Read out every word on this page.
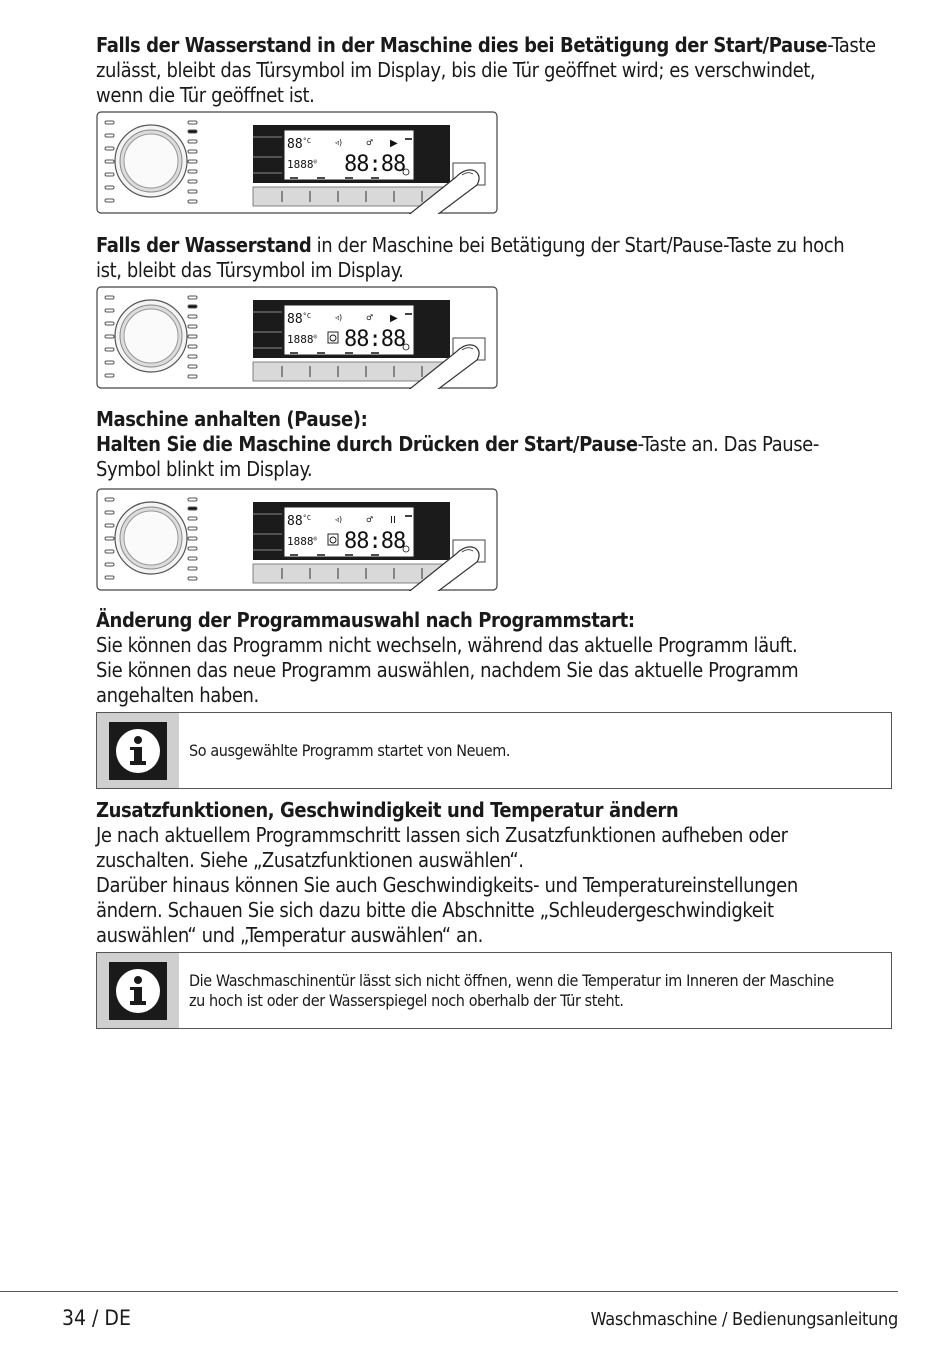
Falls der Wasserstand in der Maschine dies bei Betätigung der Start/Pause-Taste

zulässt, bleibt das Türsymbol im Display, bis die Tür geöffnet wird; es verschwindet,

wenn die Tür geöffnet ist.

$88^{^\circ C}$	◃)	♂ ▶
1888® 88:88

Falls der Wasserstand in der Maschine bei Betätigung der Start/Pause-Taste zu hoch

ist, bleibt das Türsymbol im Display.

$88^{^\circ C}$	◃)	♂ ▶
1888® 88:88

Maschine anhalten (Pause):

Halten Sie die Maschine durch Drücken der Start/Pause-Taste an. Das Pause-

Symbol blinkt im Display.

$88^{^\circ C}$	◃)	♂ II
1888® 88:88

Änderung der Programmauswahl nach Programmstart:

Sie können das Programm nicht wechseln, während das aktuelle Programm läuft.

Sie können das neue Programm auswählen, nachdem Sie das aktuelle Programm

angehalten haben.

So ausgewählte Programm startet von Neuem.

Zusatzfunktionen, Geschwindigkeit und Temperatur ändern

Je nach aktuellem Programmschritt lassen sich Zusatzfunktionen aufheben oder

zuschalten. Siehe „Zusatzfunktionen auswählen“.

Darüber hinaus können Sie auch Geschwindigkeits- und Temperatureinstellungen

ändern. Schauen Sie sich dazu bitte die Abschnitte „Schleudergeschwindigkeit

auswählen“ und „Temperatur auswählen“ an.

Die Waschmaschinentür lässt sich nicht öffnen, wenn die Temperatur im Inneren der Maschine
zu hoch ist oder der Wasserspiegel noch oberhalb der Tür steht.
34 / DE	Waschmaschine / Bedienungsanleitung
